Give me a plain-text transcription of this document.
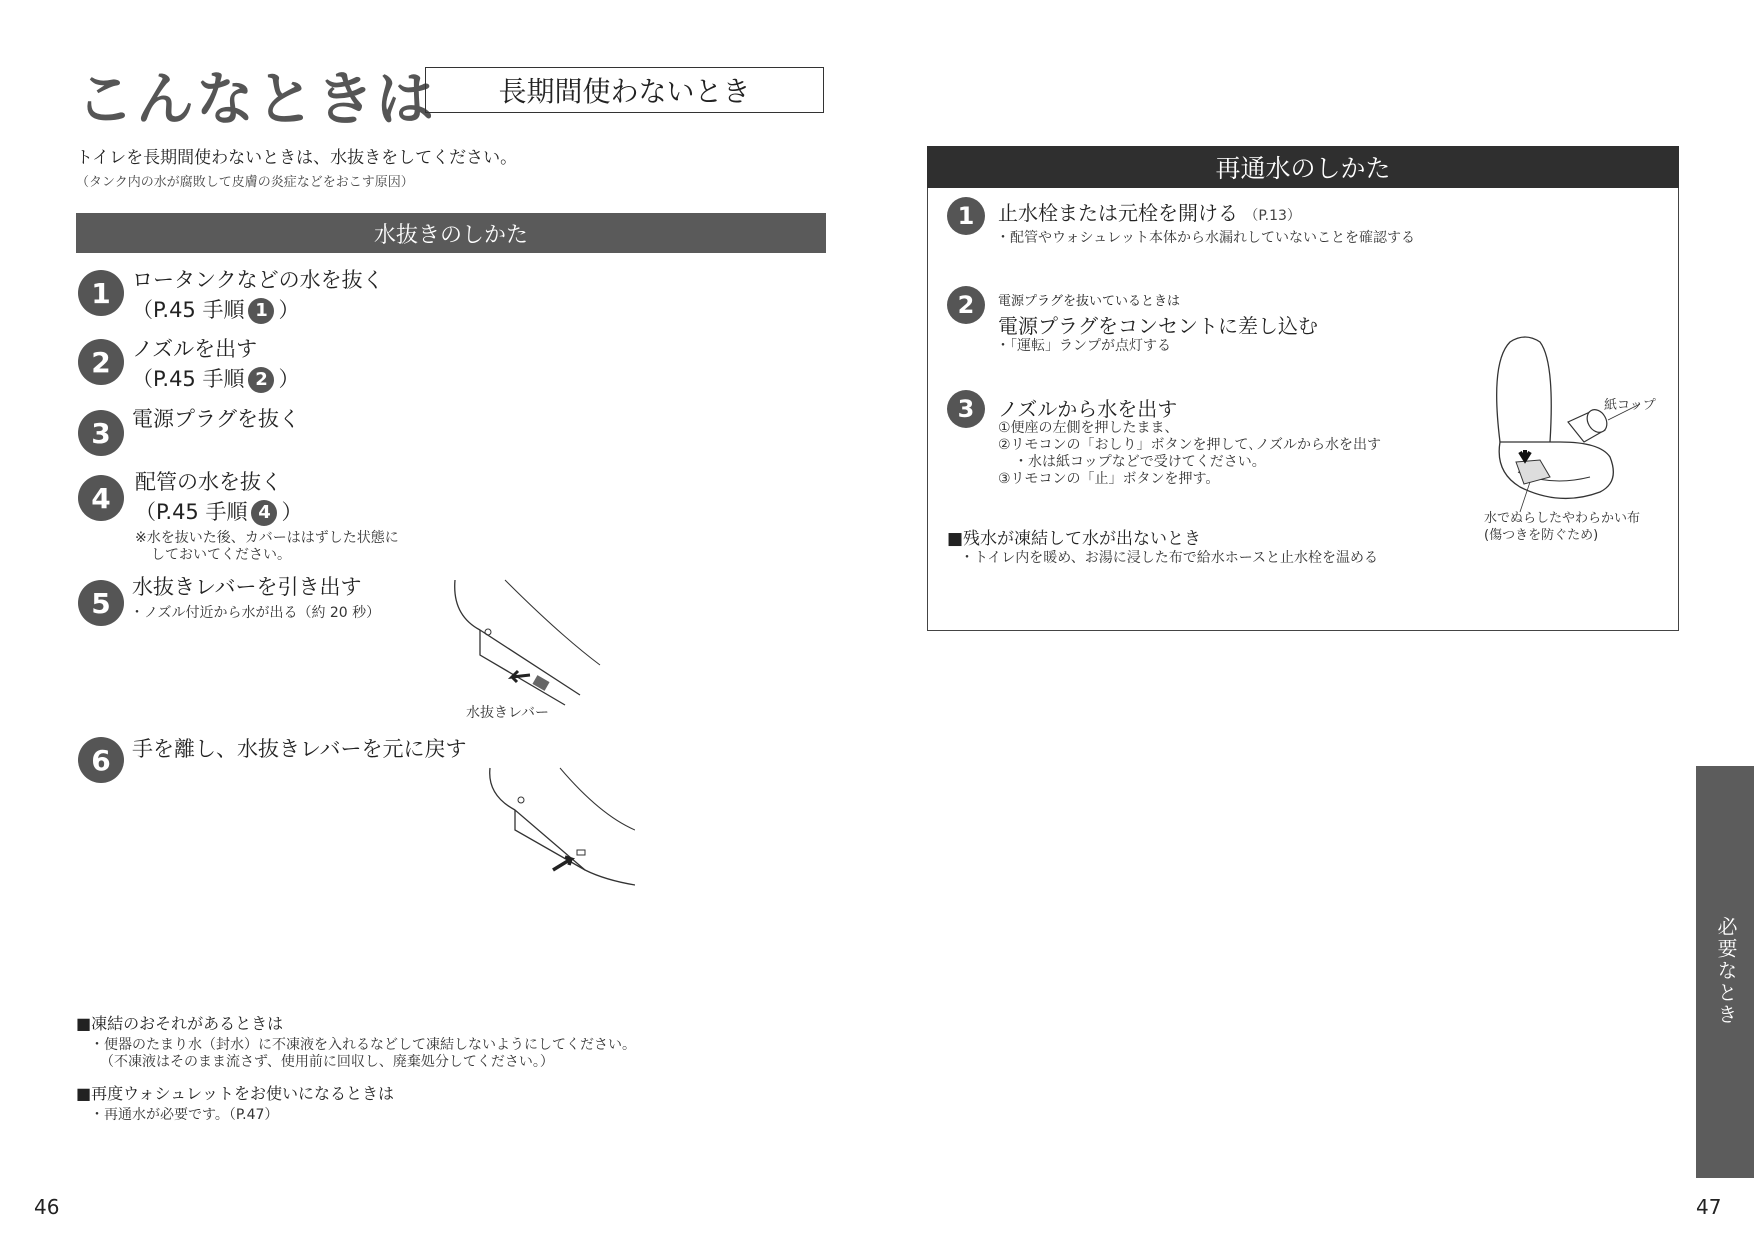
こんなときは	長期間使わないとき
トイレを長期間使わないときは、水抜きをしてください。
（タンク内の水が腐敗して皮膚の炎症などをおこす原因）
水抜きのしかた
1	ロータンクなどの水を抜く
（P.45 手順 1 ）
2	ノズルを出す
（P.45 手順 2 ）
3	電源プラグを抜く
4	配管の水を抜く
（P.45 手順 4 ）
※水を抜いた後、カバーははずした状態に
しておいてください。
5	水抜きレバーを引き出す
・ノズル付近から水が出る（約 20 秒）
水抜きレバー
6	手を離し、水抜きレバーを元に戻す
■凍結のおそれがあるときは
・便器のたまり水（封水）に不凍液を入れるなどして凍結しないようにしてください。
（不凍液はそのまま流さず、使用前に回収し、廃棄処分してください。）
■再度ウォシュレットをお使いになるときは
・再通水が必要です。（P.47）
46
再通水のしかた
1	止水栓または元栓を開ける （P.13）
・配管やウォシュレット本体から水漏れしていないことを確認する
2	電源プラグを抜いているときは
電源プラグをコンセントに差し込む
・「運転」ランプが点灯する
3	ノズルから水を出す
①便座の左側を押したまま、
②リモコンの「おしり」ボタンを押して､ノズルから水を出す
・水は紙コップなどで受けてください。
③リモコンの「止」ボタンを押す。
■残水が凍結して水が出ないとき
・トイレ内を暖め、お湯に浸した布で給水ホースと止水栓を温める
紙コップ
水でぬらしたやわらかい布
(傷つきを防ぐため)
必要なとき
47
